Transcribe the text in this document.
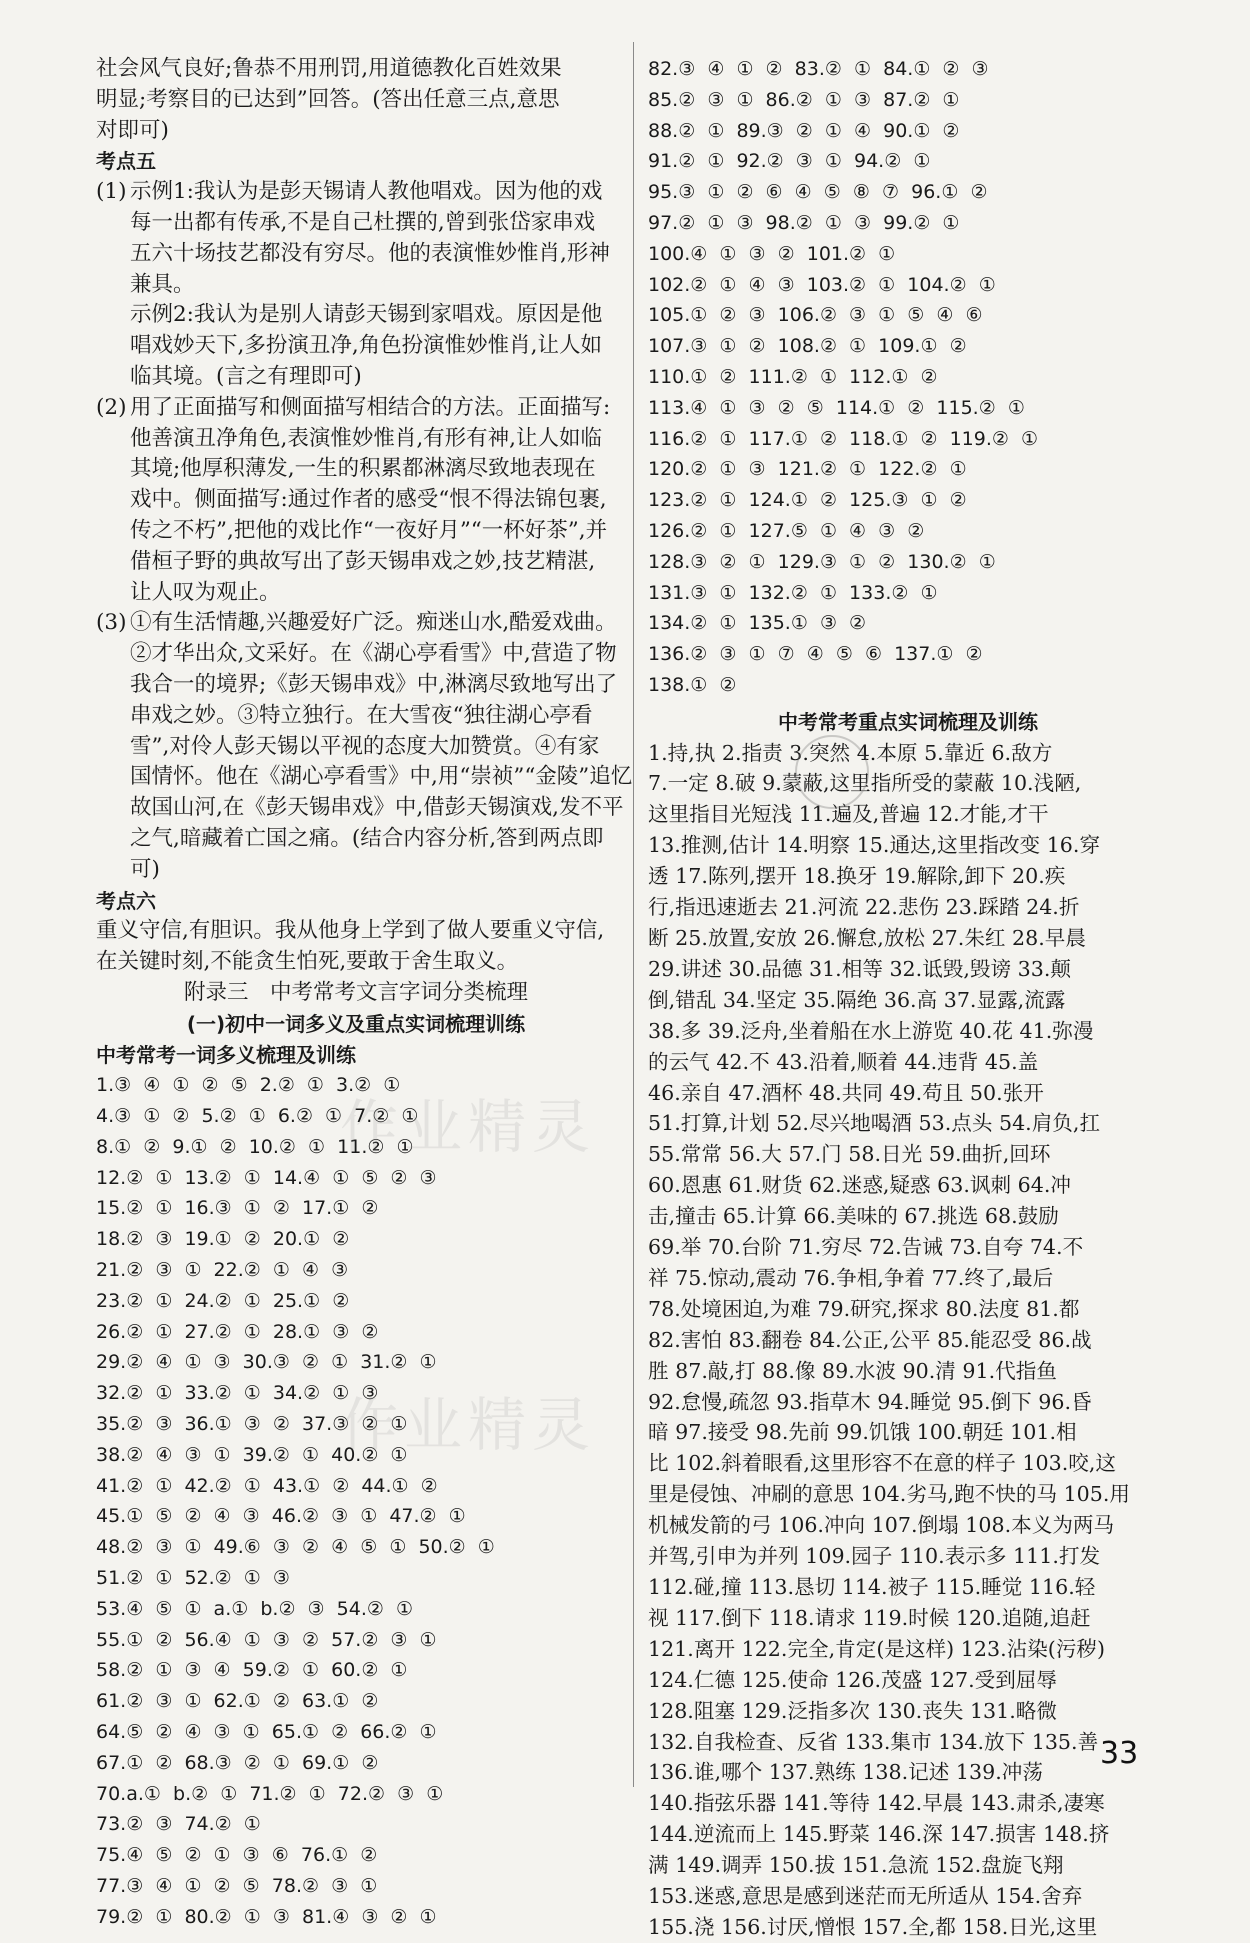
社会风气良好;鲁恭不用刑罚,用道德教化百姓效果
明显;考察目的已达到”回答。(答出任意三点,意思
对即可)
考点五
(1) 示例1:我认为是彭天锡请人教他唱戏。因为他的戏
每一出都有传承,不是自己杜撰的,曾到张岱家串戏
五六十场技艺都没有穷尽。他的表演惟妙惟肖,形神
兼具。
示例2:我认为是别人请彭天锡到家唱戏。原因是他
唱戏妙天下,多扮演丑净,角色扮演惟妙惟肖,让人如
临其境。(言之有理即可)
(2) 用了正面描写和侧面描写相结合的方法。正面描写:
他善演丑净角色,表演惟妙惟肖,有形有神,让人如临
其境;他厚积薄发,一生的积累都淋漓尽致地表现在
戏中。侧面描写:通过作者的感受“恨不得法锦包裹,
传之不朽”,把他的戏比作“一夜好月”“一杯好茶”,并
借桓子野的典故写出了彭天锡串戏之妙,技艺精湛,
让人叹为观止。
(3) ①有生活情趣,兴趣爱好广泛。痴迷山水,酷爱戏曲。
②才华出众,文采好。在《湖心亭看雪》中,营造了物
我合一的境界;《彭天锡串戏》中,淋漓尽致地写出了
串戏之妙。③特立独行。在大雪夜“独往湖心亭看
雪”,对伶人彭天锡以平视的态度大加赞赏。④有家
国情怀。他在《湖心亭看雪》中,用“崇祯”“金陵”追忆
故国山河,在《彭天锡串戏》中,借彭天锡演戏,发不平
之气,暗藏着亡国之痛。(结合内容分析,答到两点即
可)
考点六
重义守信,有胆识。我从他身上学到了做人要重义守信,
在关键时刻,不能贪生怕死,要敢于舍生取义。
附录三　中考常考文言字词分类梳理
(一)初中一词多义及重点实词梳理训练
中考常考一词多义梳理及训练
1.③  ④  ①  ②  ⑤  2.②  ①  3.②  ①
4.③  ①  ②  5.②  ①  6.②  ①  7.②  ①
8.①  ②  9.①  ②  10.②  ①  11.②  ①
12.②  ①  13.②  ①  14.④  ①  ⑤  ②  ③
15.②  ①  16.③  ①  ②  17.①  ②
18.②  ③  19.①  ②  20.①  ②
21.②  ③  ①  22.②  ①  ④  ③
23.②  ①  24.②  ①  25.①  ②
26.②  ①  27.②  ①  28.①  ③  ②
29.②  ④  ①  ③  30.③  ②  ①  31.②  ①
32.②  ①  33.②  ①  34.②  ①  ③
35.②  ③  36.①  ③  ②  37.③  ②  ①
38.②  ④  ③  ①  39.②  ①  40.②  ①
41.②  ①  42.②  ①  43.①  ②  44.①  ②
45.①  ⑤  ②  ④  ③  46.②  ③  ①  47.②  ①
48.②  ③  ①  49.⑥  ③  ②  ④  ⑤  ①  50.②  ①
51.②  ①  52.②  ①  ③
53.④  ⑤  ①  a.①  b.②  ③  54.②  ①
55.①  ②  56.④  ①  ③  ②  57.②  ③  ①
58.②  ①  ③  ④  59.②  ①  60.②  ①
61.②  ③  ①  62.①  ②  63.①  ②
64.⑤  ②  ④  ③  ①  65.①  ②  66.②  ①
67.①  ②  68.③  ②  ①  69.①  ②
70.a.①  b.②  ①  71.②  ①  72.②  ③  ①
73.②  ③  74.②  ①
75.④  ⑤  ②  ①  ③  ⑥  76.①  ②
77.③  ④  ①  ②  ⑤  78.②  ③  ①
79.②  ①  80.②  ①  ③  81.④  ③  ②  ①
82.③  ④  ①  ②  83.②  ①  84.①  ②  ③
85.②  ③  ①  86.②  ①  ③  87.②  ①
88.②  ①  89.③  ②  ①  ④  90.①  ②
91.②  ①  92.②  ③  ①  94.②  ①
95.③  ①  ②  ⑥  ④  ⑤  ⑧  ⑦  96.①  ②
97.②  ①  ③  98.②  ①  ③  99.②  ①
100.④  ①  ③  ②  101.②  ①
102.②  ①  ④  ③  103.②  ①  104.②  ①
105.①  ②  ③  106.②  ③  ①  ⑤  ④  ⑥
107.③  ①  ②  108.②  ①  109.①  ②
110.①  ②  111.②  ①  112.①  ②
113.④  ①  ③  ②  ⑤  114.①  ②  115.②  ①
116.②  ①  117.①  ②  118.①  ②  119.②  ①
120.②  ①  ③  121.②  ①  122.②  ①
123.②  ①  124.①  ②  125.③  ①  ②
126.②  ①  127.⑤  ①  ④  ③  ②
128.③  ②  ①  129.③  ①  ②  130.②  ①
131.③  ①  132.②  ①  133.②  ①
134.②  ①  135.①  ③  ②
136.②  ③  ①  ⑦  ④  ⑤  ⑥  137.①  ②
138.①  ②
中考常考重点实词梳理及训练
1.持,执 2.指责 3.突然 4.本原 5.靠近 6.敌方
7.一定 8.破 9.蒙蔽,这里指所受的蒙蔽 10.浅陋,
这里指目光短浅 11.遍及,普遍 12.才能,才干
13.推测,估计 14.明察 15.通达,这里指改变 16.穿
透 17.陈列,摆开 18.换牙 19.解除,卸下 20.疾
行,指迅速逝去 21.河流 22.悲伤 23.踩踏 24.折
断 25.放置,安放 26.懈怠,放松 27.朱红 28.早晨
29.讲述 30.品德 31.相等 32.诋毁,毁谤 33.颠
倒,错乱 34.坚定 35.隔绝 36.高 37.显露,流露
38.多 39.泛舟,坐着船在水上游览 40.花 41.弥漫
的云气 42.不 43.沿着,顺着 44.违背 45.盖
46.亲自 47.酒杯 48.共同 49.苟且 50.张开
51.打算,计划 52.尽兴地喝酒 53.点头 54.肩负,扛
55.常常 56.大 57.门 58.日光 59.曲折,回环
60.恩惠 61.财货 62.迷惑,疑惑 63.讽刺 64.冲
击,撞击 65.计算 66.美味的 67.挑选 68.鼓励
69.举 70.台阶 71.穷尽 72.告诫 73.自夸 74.不
祥 75.惊动,震动 76.争相,争着 77.终了,最后
78.处境困迫,为难 79.研究,探求 80.法度 81.都
82.害怕 83.翻卷 84.公正,公平 85.能忍受 86.战
胜 87.敲,打 88.像 89.水波 90.清 91.代指鱼
92.怠慢,疏忽 93.指草木 94.睡觉 95.倒下 96.昏
暗 97.接受 98.先前 99.饥饿 100.朝廷 101.相
比 102.斜着眼看,这里形容不在意的样子 103.咬,这
里是侵蚀、冲刷的意思 104.劣马,跑不快的马 105.用
机械发箭的弓 106.冲向 107.倒塌 108.本义为两马
并驾,引申为并列 109.园子 110.表示多 111.打发
112.碰,撞 113.恳切 114.被子 115.睡觉 116.轻
视 117.倒下 118.请求 119.时候 120.追随,追赶
121.离开 122.完全,肯定(是这样) 123.沾染(污秽)
124.仁德 125.使命 126.茂盛 127.受到屈辱
128.阻塞 129.泛指多次 130.丧失 131.略微
132.自我检查、反省 133.集市 134.放下 135.善
136.谁,哪个 137.熟练 138.记述 139.冲荡
140.指弦乐器 141.等待 142.早晨 143.肃杀,凄寒
144.逆流而上 145.野菜 146.深 147.损害 148.挤
满 149.调弄 150.拔 151.急流 152.盘旋飞翔
153.迷惑,意思是感到迷茫而无所适从 154.舍弃
155.浇 156.讨厌,憎恨 157.全,都 158.日光,这里
作业精灵
作业精灵
33
